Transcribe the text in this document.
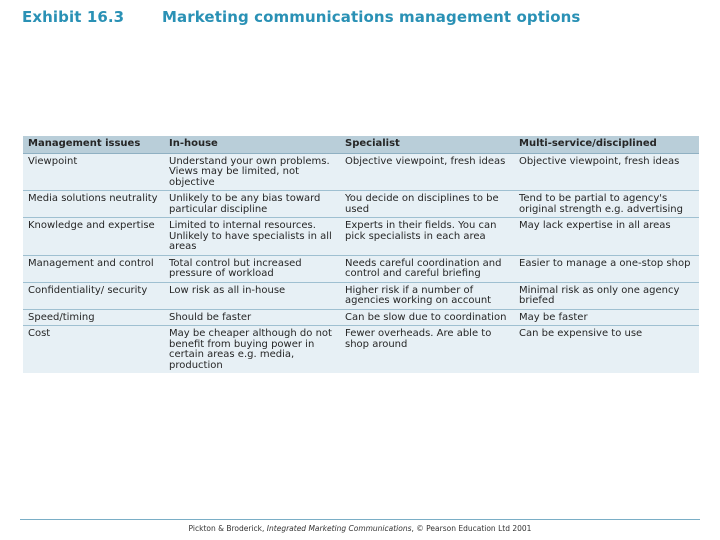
Exhibit 16.3	Marketing communications management options
Management issues	In-house	Specialist	Multi-service/disciplined
Viewpoint	Understand your own problems. Views may be limited, not objective	Objective viewpoint, fresh ideas	Objective viewpoint, fresh ideas
Media solutions neutrality	Unlikely to be any bias toward particular discipline	You decide on disciplines to be used	Tend to be partial to agency's original strength e.g. advertising
Knowledge and expertise	Limited to internal resources. Unlikely to have specialists in all areas	Experts in their fields. You can pick specialists in each area	May lack expertise in all areas
Management and control	Total control but increased pressure of workload	Needs careful coordination and control and careful briefing	Easier to manage a one-stop shop
Confidentiality/ security	Low risk as all in-house	Higher risk if a number of agencies working on account	Minimal risk as only one agency briefed
Speed/timing	Should be faster	Can be slow due to coordination	May be faster
Cost	May be cheaper although do not benefit from buying power in certain areas e.g. media, production	Fewer overheads. Are able to shop around	Can be expensive to use
Pickton & Broderick, Integrated Marketing Communications, © Pearson Education Ltd 2001
